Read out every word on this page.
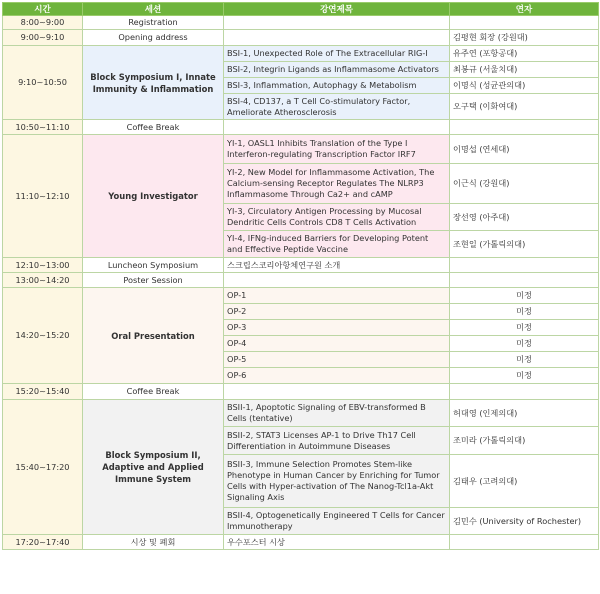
시간	세션	강연제목	연자
8:00~9:00	Registration		
9:00~9:10	Opening address		김평현 회장 (강원대)
9:10~10:50	Block Symposium I, Innate Immunity & Inflammation	BSI-1, Unexpected Role of The Extracellular RIG-I	유주연 (포항공대)
		BSI-2, Integrin Ligands as Inflammasome Activators	최봉규 (서울치대)
		BSI-3, Inflammation, Autophagy & Metabolism	이명식 (성균관의대)
		BSI-4, CD137, a T Cell Co-stimulatory Factor, Ameliorate Atherosclerosis	오구택 (이화여대)
10:50~11:10	Coffee Break		
11:10~12:10	Young Investigator	YI-1, OASL1 Inhibits Translation of the Type I Interferon-regulating Transcription Factor IRF7	이명섭 (연세대)
		YI-2, New Model for Inflammasome Activation, The Calcium-sensing Receptor Regulates The NLRP3 Inflammasome Through Ca2+ and cAMP	이근식 (강원대)
		YI-3, Circulatory Antigen Processing by Mucosal Dendritic Cells Controls CD8 T Cells Activation	장선영 (아주대)
		YI-4, IFNg-induced Barriers for Developing Potent and Effective Peptide Vaccine	조현일 (가톨릭의대)
12:10~13:00	Luncheon Symposium	스크립스코리아항체연구원 소개	
13:00~14:20	Poster Session		
14:20~15:20	Oral Presentation	OP-1	미정
		OP-2	미정
		OP-3	미정
		OP-4	미정
		OP-5	미정
		OP-6	미정
15:20~15:40	Coffee Break		
15:40~17:20	Block Symposium II, Adaptive and Applied Immune System	BSII-1, Apoptotic Signaling of EBV-transformed B Cells (tentative)	허대영 (인제의대)
		BSII-2, STAT3 Licenses AP-1 to Drive Th17 Cell Differentiation in Autoimmune Diseases	조미라 (가톨릭의대)
		BSII-3, Immune Selection Promotes Stem-like Phenotype in Human Cancer by Enriching for Tumor Cells with Hyper-activation of The Nanog-Tcl1a-Akt Signaling Axis	김태우 (고려의대)
		BSII-4, Optogenetically Engineered T Cells for Cancer Immunotherapy	김민수 (University of Rochester)
17:20~17:40	시상 및 폐회	우수포스터 시상	
